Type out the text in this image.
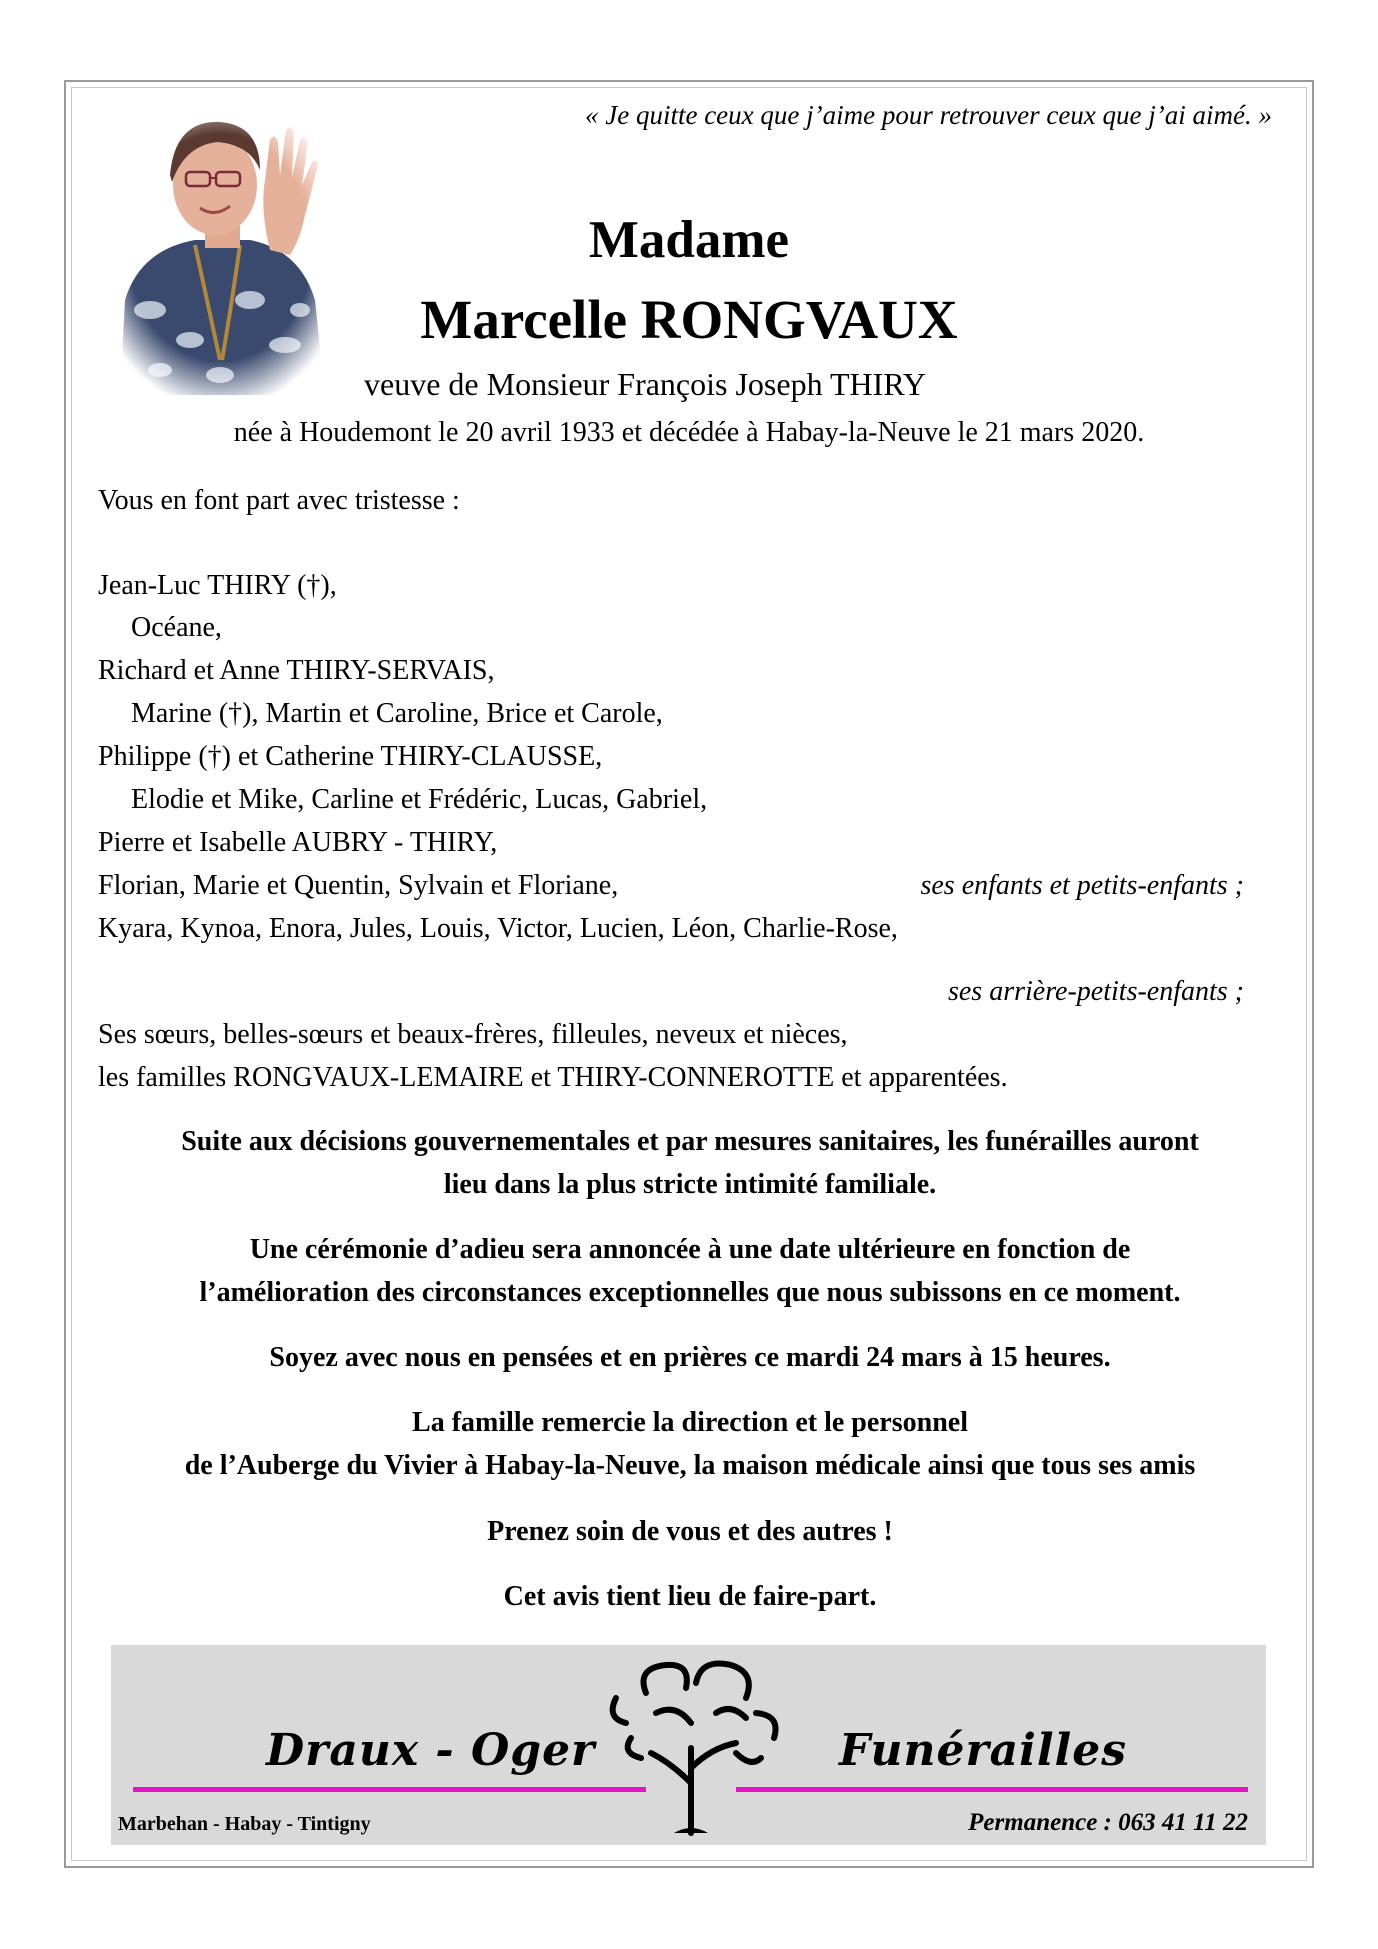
« Je quitte ceux que j’aime pour retrouver ceux que j’ai aimé. »
Madame
Marcelle RONGVAUX
veuve de Monsieur François Joseph THIRY
née à Houdemont le 20 avril 1933 et décédée à Habay-la-Neuve le 21 mars 2020.
Vous en font part avec tristesse :
Jean-Luc THIRY (†),
Océane,
Richard et Anne THIRY-SERVAIS,
Marine (†), Martin et Caroline, Brice et Carole,
Philippe (†) et Catherine THIRY-CLAUSSE,
Elodie et Mike, Carline et Frédéric, Lucas, Gabriel,
Pierre et Isabelle AUBRY - THIRY,
Florian, Marie et Quentin, Sylvain et Floriane,	ses enfants et petits-enfants ;
Kyara, Kynoa, Enora, Jules, Louis, Victor, Lucien, Léon, Charlie-Rose,
ses arrière-petits-enfants ;
Ses sœurs, belles-sœurs et beaux-frères, filleules, neveux et nièces,
les familles RONGVAUX-LEMAIRE et THIRY-CONNEROTTE et apparentées.
Suite aux décisions gouvernementales et par mesures sanitaires, les funérailles auront
lieu dans la plus stricte intimité familiale.
Une cérémonie d’adieu sera annoncée à une date ultérieure en fonction de
l’amélioration des circonstances exceptionnelles que nous subissons en ce moment.
Soyez avec nous en pensées et en prières ce mardi 24 mars à 15 heures.
La famille remercie la direction et le personnel
de l’Auberge du Vivier à Habay-la-Neuve, la maison médicale ainsi que tous ses amis
Prenez soin de vous et des autres !
Cet avis tient lieu de faire-part.
Draux - Oger	Funérailles
Marbehan - Habay - Tintigny	Permanence : 063 41 11 22
